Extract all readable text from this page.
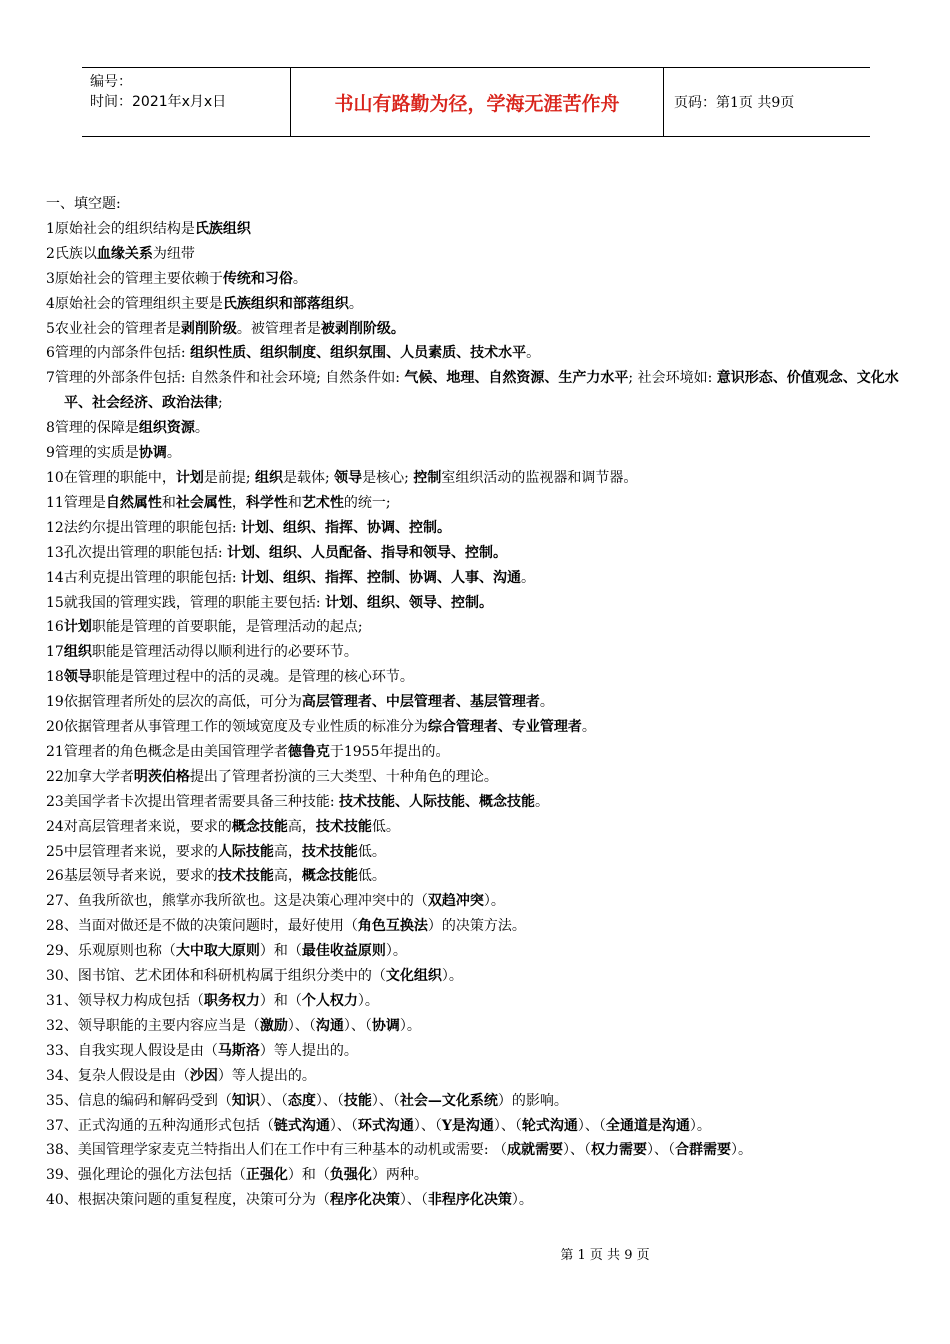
编号：
时间：2021年x月x日	书山有路勤为径，学海无涯苦作舟	页码：第1页 共9页
一、填空题:
1原始社会的组织结构是氏族组织
2氏族以血缘关系为纽带
3原始社会的管理主要依赖于传统和习俗。
4原始社会的管理组织主要是氏族组织和部落组织。
5农业社会的管理者是剥削阶级。被管理者是被剥削阶级。
6管理的内部条件包括: 组织性质、组织制度、组织氛围、人员素质、技术水平。
7管理的外部条件包括: 自然条件和社会环境; 自然条件如: 气候、地理、自然资源、生产力水平; 社会环境如: 意识形态、价值观念、文化水平、社会经济、政治法律;
8管理的保障是组织资源。
9管理的实质是协调。
10在管理的职能中，计划是前提; 组织是载体; 领导是核心; 控制室组织活动的监视器和调节器。
11管理是自然属性和社会属性，科学性和艺术性的统一;
12法约尔提出管理的职能包括: 计划、组织、指挥、协调、控制。
13孔次提出管理的职能包括: 计划、组织、人员配备、指导和领导、控制。
14古利克提出管理的职能包括: 计划、组织、指挥、控制、协调、人事、沟通。
15就我国的管理实践，管理的职能主要包括: 计划、组织、领导、控制。
16计划职能是管理的首要职能，是管理活动的起点;
17组织职能是管理活动得以顺利进行的必要环节。
18领导职能是管理过程中的活的灵魂。是管理的核心环节。
19依据管理者所处的层次的高低，可分为高层管理者、中层管理者、基层管理者。
20依据管理者从事管理工作的领域宽度及专业性质的标准分为综合管理者、专业管理者。
21管理者的角色概念是由美国管理学者德鲁克于1955年提出的。
22加拿大学者明茨伯格提出了管理者扮演的三大类型、十种角色的理论。
23美国学者卡次提出管理者需要具备三种技能: 技术技能、人际技能、概念技能。
24对高层管理者来说，要求的概念技能高，技术技能低。
25中层管理者来说，要求的人际技能高，技术技能低。
26基层领导者来说，要求的技术技能高，概念技能低。
27、鱼我所欲也，熊掌亦我所欲也。这是决策心理冲突中的（双趋冲突）。
28、当面对做还是不做的决策问题时，最好使用（角色互换法）的决策方法。
29、乐观原则也称（大中取大原则）和（最佳收益原则）。
30、图书馆、艺术团体和科研机构属于组织分类中的（文化组织）。
31、领导权力构成包括（职务权力）和（个人权力）。
32、领导职能的主要内容应当是（激励）、（沟通）、（协调）。
33、自我实现人假设是由（马斯洛）等人提出的。
34、复杂人假设是由（沙因）等人提出的。
35、信息的编码和解码受到（知识）、（态度）、（技能）、（社会—文化系统）的影响。
37、正式沟通的五种沟通形式包括（链式沟通）、（环式沟通）、（Y是沟通）、（轮式沟通）、（全通道是沟通）。
38、美国管理学家麦克兰特指出人们在工作中有三种基本的动机或需要: （成就需要）、（权力需要）、（合群需要）。
39、强化理论的强化方法包括（正强化）和（负强化）两种。
40、根据决策问题的重复程度，决策可分为（程序化决策）、（非程序化决策）。
第 1 页 共 9 页
